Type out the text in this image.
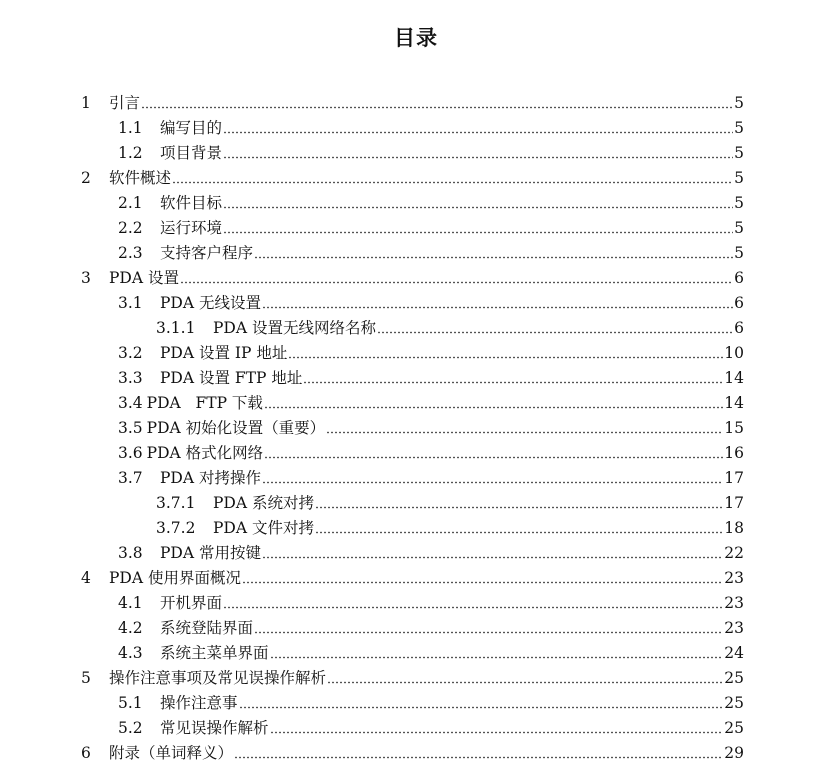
目录
1 引言	5
1.1 编写目的	5
1.2 项目背景	5
2 软件概述	5
2.1 软件目标	5
2.2 运行环境	5
2.3 支持客户程序	5
3 PDA 设置	6
3.1 PDA 无线设置	6
3.1.1 PDA 设置无线网络名称	6
3.2 PDA 设置 IP 地址	10
3.3 PDA 设置 FTP 地址	14
3.4 PDA   FTP 下载	14
3.5 PDA 初始化设置（重要）	15
3.6 PDA 格式化网络	16
3.7 PDA 对拷操作	17
3.7.1 PDA 系统对拷	17
3.7.2 PDA 文件对拷	18
3.8 PDA 常用按键	22
4 PDA 使用界面概况	23
4.1 开机界面	23
4.2 系统登陆界面	23
4.3 系统主菜单界面	24
5 操作注意事项及常见误操作解析	25
5.1 操作注意事	25
5.2 常见误操作解析	25
6 附录（单词释义）	29
